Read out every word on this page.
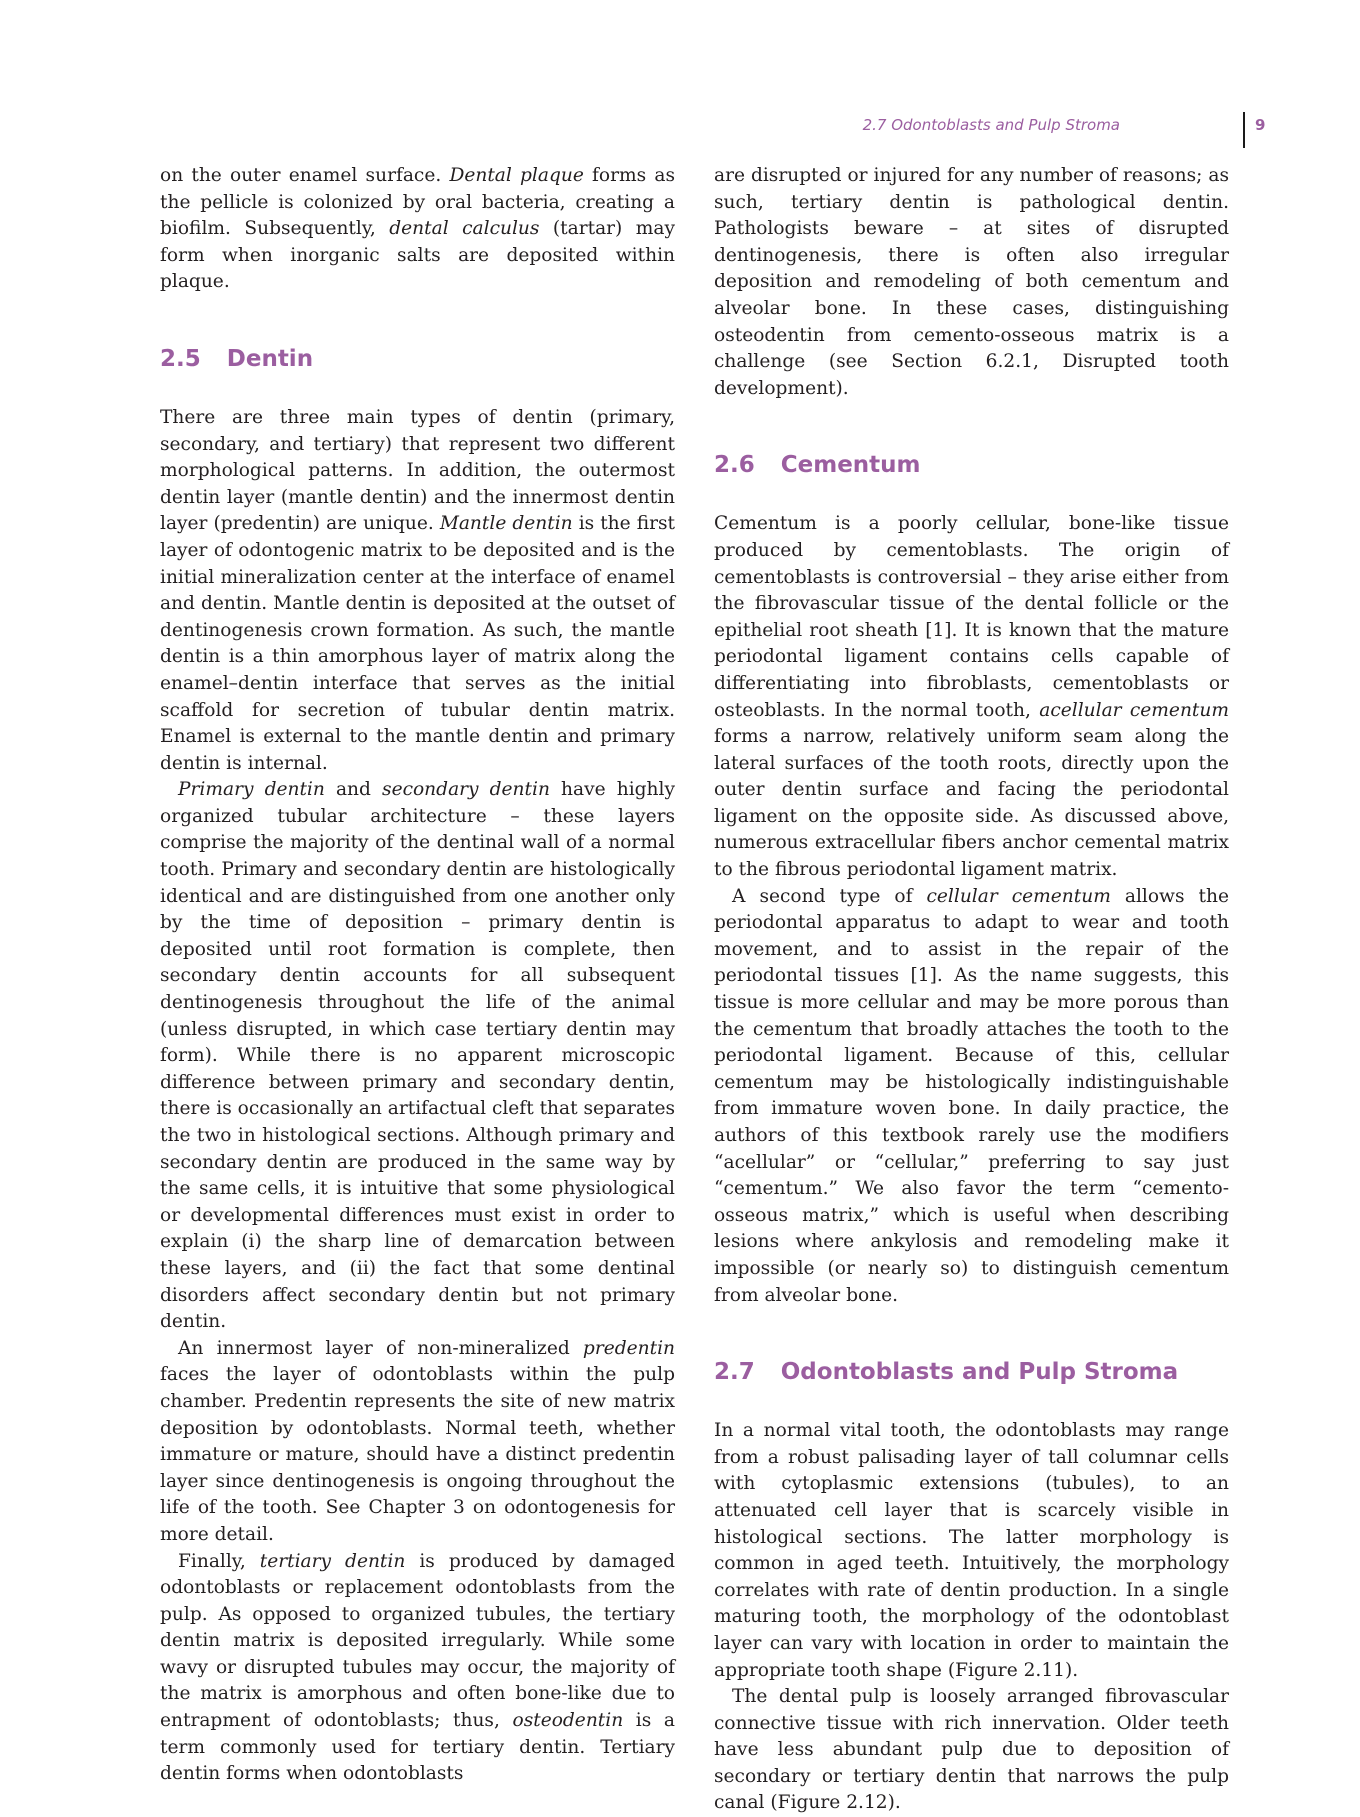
2.7 Odontoblasts and Pulp Stroma	9

on the outer enamel surface. Dental plaque forms as the pellicle is colonized by oral bacteria, creating a biofilm. Subsequently, dental calculus (tartar) may form when inorganic salts are deposited within plaque.

2.5 Dentin

There are three main types of dentin (primary, secondary, and tertiary) that represent two different morphological patterns. In addition, the outermost dentin layer (mantle dentin) and the innermost dentin layer (predentin) are unique. Mantle dentin is the first layer of odontogenic matrix to be deposited and is the initial mineralization center at the interface of enamel and dentin. Mantle dentin is deposited at the outset of dentinogenesis crown formation. As such, the mantle dentin is a thin amorphous layer of matrix along the enamel–dentin interface that serves as the initial scaffold for secretion of tubular dentin matrix. Enamel is external to the mantle dentin and primary dentin is internal.

Primary dentin and secondary dentin have highly organized tubular architecture – these layers comprise the majority of the dentinal wall of a normal tooth. Primary and secondary dentin are histologically identical and are distinguished from one another only by the time of deposition – primary dentin is deposited until root formation is complete, then secondary dentin accounts for all subsequent dentinogenesis throughout the life of the animal (unless disrupted, in which case tertiary dentin may form). While there is no apparent microscopic difference between primary and secondary dentin, there is occasionally an artifactual cleft that separates the two in histological sections. Although primary and secondary dentin are produced in the same way by the same cells, it is intuitive that some physiological or developmental differences must exist in order to explain (i) the sharp line of demarcation between these layers, and (ii) the fact that some dentinal disorders affect secondary dentin but not primary dentin.

An innermost layer of non-mineralized predentin faces the layer of odontoblasts within the pulp chamber. Predentin represents the site of new matrix deposition by odontoblasts. Normal teeth, whether immature or mature, should have a distinct predentin layer since dentinogenesis is ongoing throughout the life of the tooth. See Chapter 3 on odontogenesis for more detail.

Finally, tertiary dentin is produced by damaged odontoblasts or replacement odontoblasts from the pulp. As opposed to organized tubules, the tertiary dentin matrix is deposited irregularly. While some wavy or disrupted tubules may occur, the majority of the matrix is amorphous and often bone-like due to entrapment of odontoblasts; thus, osteodentin is a term commonly used for tertiary dentin. Tertiary dentin forms when odontoblasts

are disrupted or injured for any number of reasons; as such, tertiary dentin is pathological dentin. Pathologists beware – at sites of disrupted dentinogenesis, there is often also irregular deposition and remodeling of both cementum and alveolar bone. In these cases, distinguishing osteodentin from cemento-osseous matrix is a challenge (see Section 6.2.1, Disrupted tooth development).

2.6 Cementum

Cementum is a poorly cellular, bone-like tissue produced by cementoblasts. The origin of cementoblasts is controversial – they arise either from the fibrovascular tissue of the dental follicle or the epithelial root sheath [1]. It is known that the mature periodontal ligament contains cells capable of differentiating into fibroblasts, cementoblasts or osteoblasts. In the normal tooth, acellular cementum forms a narrow, relatively uniform seam along the lateral surfaces of the tooth roots, directly upon the outer dentin surface and facing the periodontal ligament on the opposite side. As discussed above, numerous extracellular fibers anchor cemental matrix to the fibrous periodontal ligament matrix.

A second type of cellular cementum allows the periodontal apparatus to adapt to wear and tooth movement, and to assist in the repair of the periodontal tissues [1]. As the name suggests, this tissue is more cellular and may be more porous than the cementum that broadly attaches the tooth to the periodontal ligament. Because of this, cellular cementum may be histologically indistinguishable from immature woven bone. In daily practice, the authors of this textbook rarely use the modifiers “acellular” or “cellular,” preferring to say just “cementum.” We also favor the term “cemento-osseous matrix,” which is useful when describing lesions where ankylosis and remodeling make it impossible (or nearly so) to distinguish cementum from alveolar bone.

2.7 Odontoblasts and Pulp Stroma

In a normal vital tooth, the odontoblasts may range from a robust palisading layer of tall columnar cells with cytoplasmic extensions (tubules), to an attenuated cell layer that is scarcely visible in histological sections. The latter morphology is common in aged teeth. Intuitively, the morphology correlates with rate of dentin production. In a single maturing tooth, the morphology of the odontoblast layer can vary with location in order to maintain the appropriate tooth shape (Figure 2.11).

The dental pulp is loosely arranged fibrovascular connective tissue with rich innervation. Older teeth have less abundant pulp due to deposition of secondary or tertiary dentin that narrows the pulp canal (Figure 2.12).
